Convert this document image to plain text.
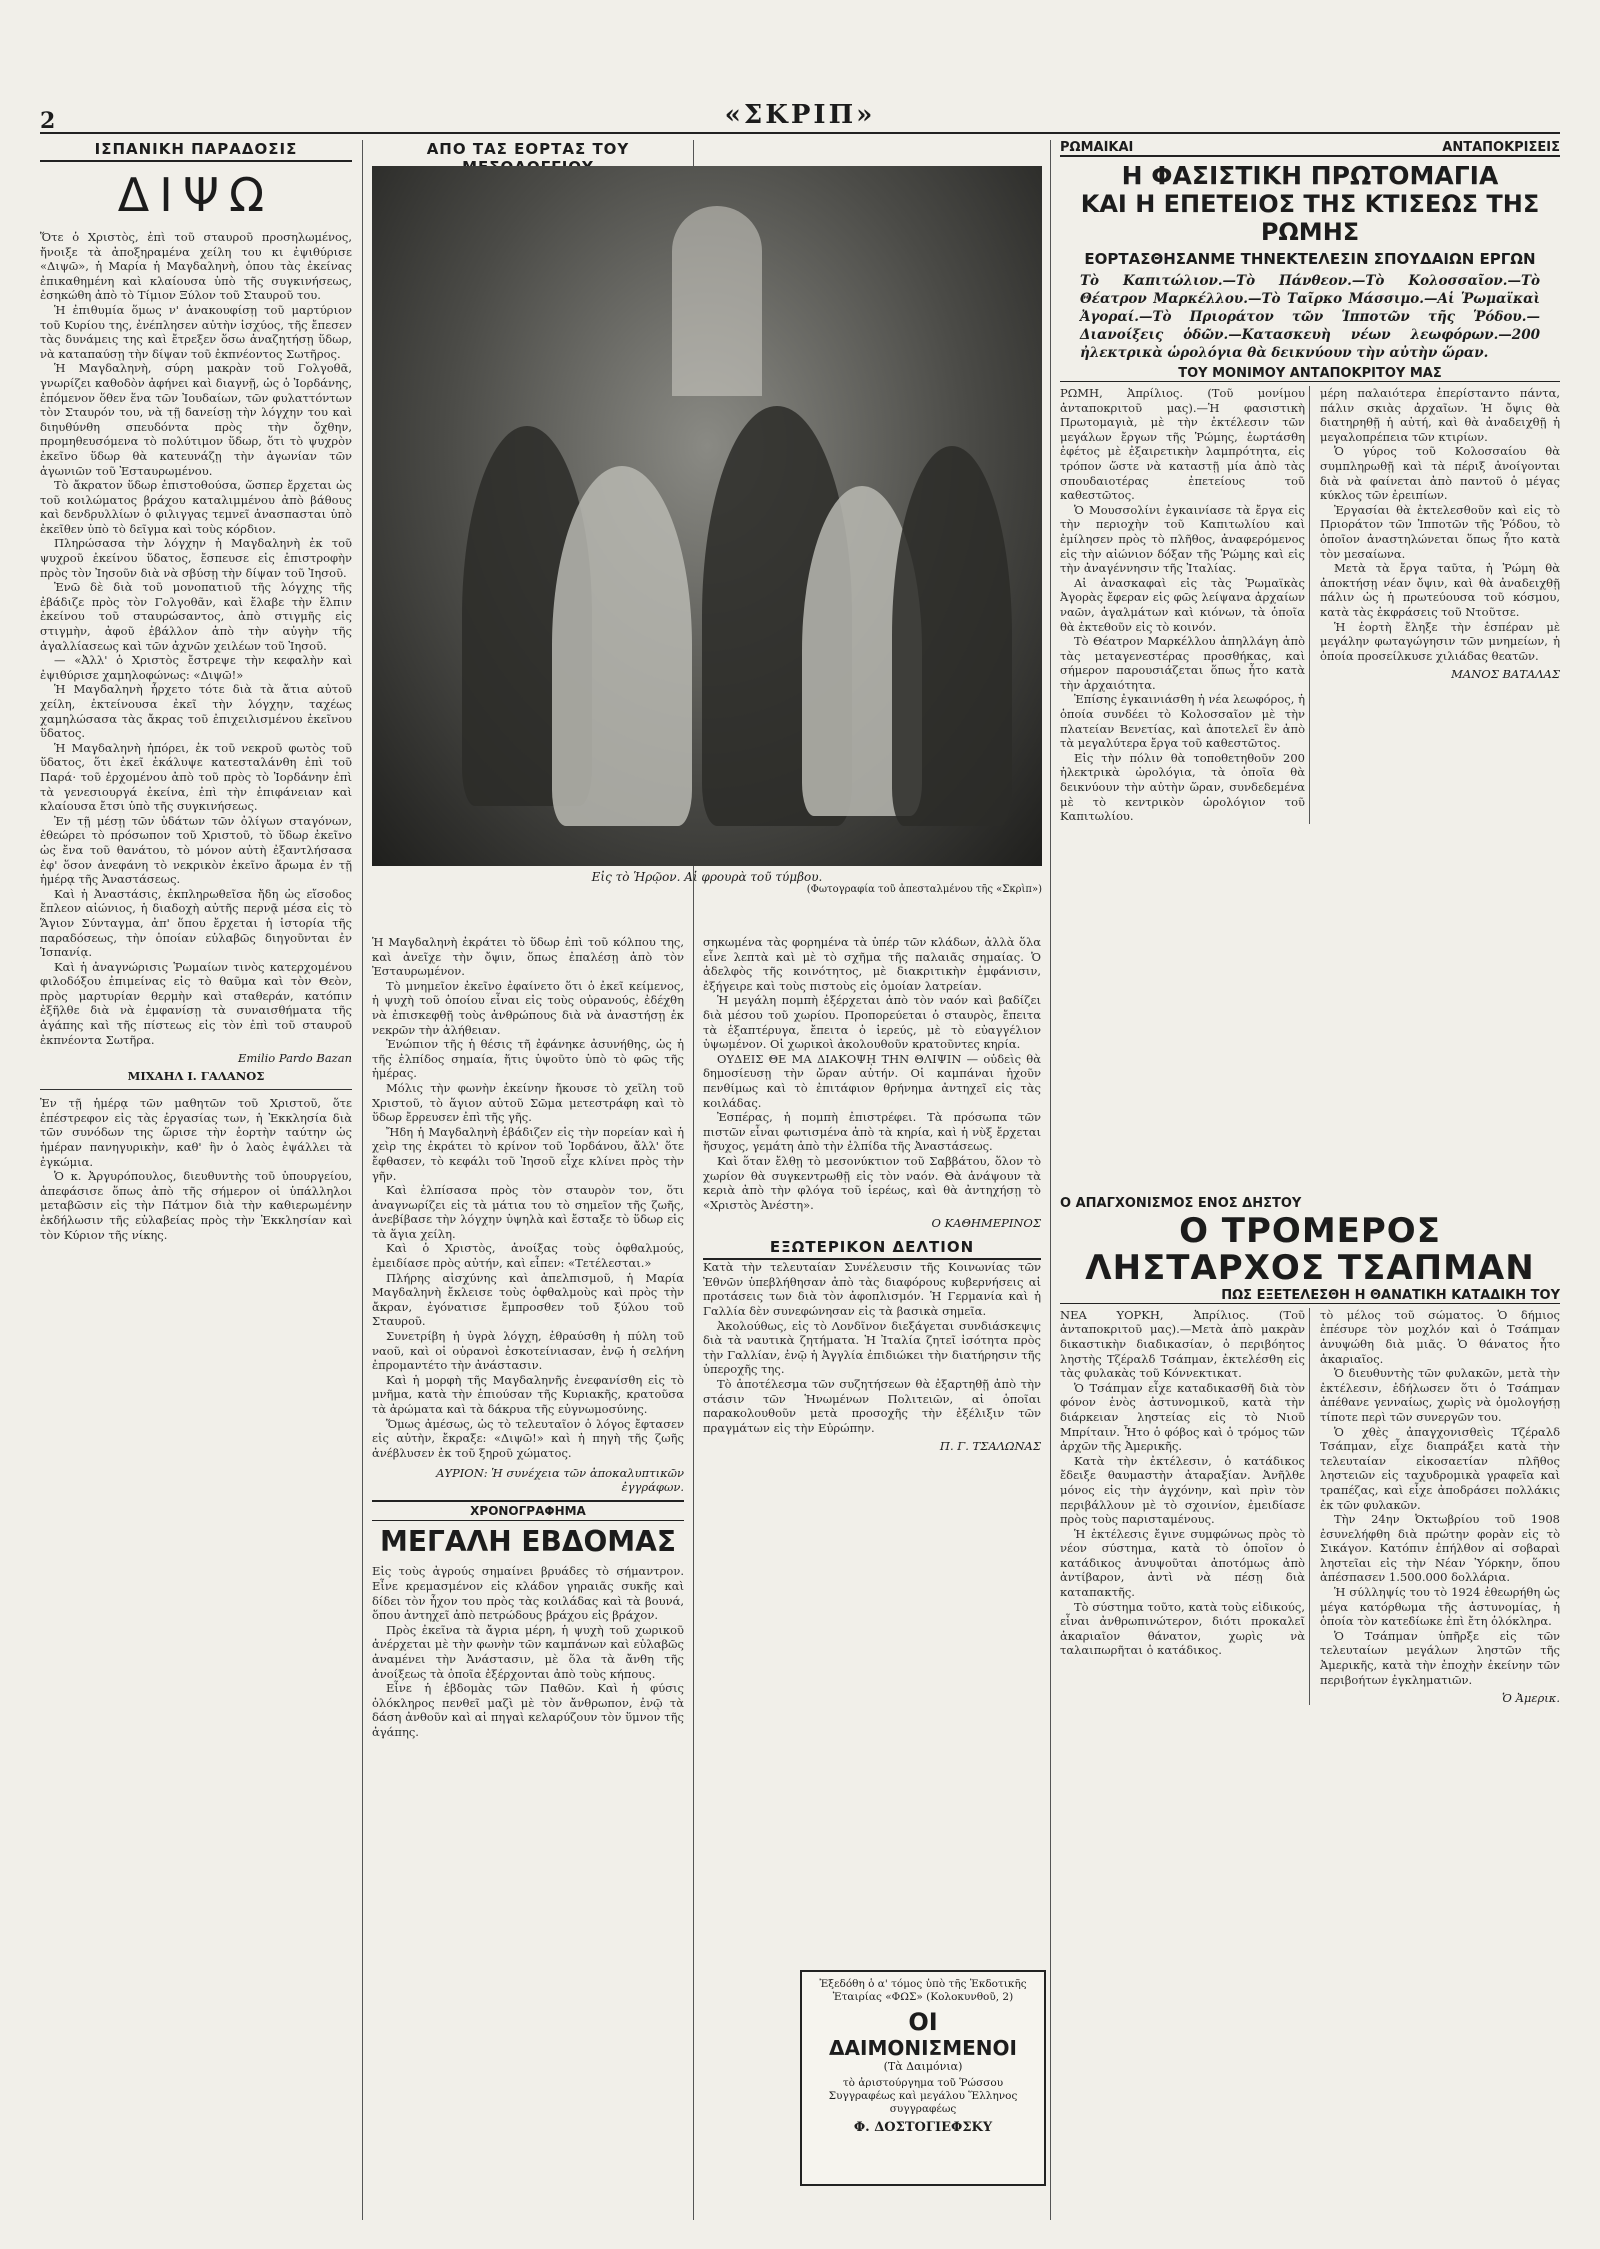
2	«ΣΚΡΙΠ»
ΙΣΠΑΝΙΚΗ ΠΑΡΑΔΟΣΙΣ
ΔΙΨΩ

Ὅτε ὁ Χριστὸς, ἐπὶ τοῦ σταυροῦ προσηλωμένος, ἤνοιξε τὰ ἀποξηραμένα χείλη του κι ἐψιθύρισε «Διψῶ», ἡ Μαρία ἡ Μαγδαληνὴ, ὁπου τὰς ἐκείνας ἐπικαθημένη καὶ κλαίουσα ὑπὸ τῆς συγκινήσεως, ἐσηκώθη ἀπὸ τὸ Τίμιον Ξύλον τοῦ Σταυροῦ του.

Ἡ ἐπιθυμία ὅμως ν' ἀνακουφίσῃ τοῦ μαρτύριον τοῦ Κυρίου της, ἐνέπλησεν αὐτὴν ἰσχύος, τῆς ἔπεσεν τὰς δυνάμεις της καὶ ἔτρεξεν ὅσω ἀναζητήσῃ ὕδωρ, νὰ καταπαύσῃ τὴν δίψαν τοῦ ἐκπνέοντος Σωτῆρος.

Ἡ Μαγδαληνὴ, σύρη μακρὰν τοῦ Γολγοθᾶ, γνωρίζει καθοδὸν ἀφήνει καὶ διαγνῇ, ὡς ὁ Ἰορδάνης, ἐπόμενον ὅθεν ἕνα τῶν Ἰουδαίων, τῶν φυλαττόντων τὸν Σταυρόν του, νὰ τῇ δανείσῃ τὴν λόγχην του καὶ διηυθύνθη σπευδόντα πρὸς τὴν ὄχθην, προμηθευσόμενα τὸ πολύτιμον ὕδωρ, ὅτι τὸ ψυχρὸν ἐκεῖνο ὕδωρ θὰ κατευνάζῃ τὴν ἀγωνίαν τῶν ἀγωνιῶν τοῦ Ἐσταυρωμένου.

Τὸ ἄκρατον ὕδωρ ἐπιστοθούσα, ὥσπερ ἔρχεται ὡς τοῦ κοιλώματος βράχου καταλιμμένου ἀπὸ βάθους καὶ δενδρυλλίων ὁ φιλιγγας τεμνεῖ ἀνασπασται ὑπὸ ἐκεῖθεν ὑπὸ τὸ δεῖγμα καὶ τοὺς κόρδιον.

Πληρώσασα τὴν λόγχην ἡ Μαγδαληνὴ ἐκ τοῦ ψυχροῦ ἐκείνου ὕδατος, ἔσπευσε εἰς ἐπιστροφὴν πρὸς τὸν Ἰησοῦν διὰ νὰ σβύσῃ τὴν δίψαν τοῦ Ἰησοῦ.

Ἐνῶ δὲ διὰ τοῦ μονοπατιοῦ τῆς λόγχης τῆς ἐβάδιζε πρὸς τὸν Γολγοθᾶν, καὶ ἔλαβε τὴν ἔλπιν ἐκείνου τοῦ σταυρώσαντος, ἀπὸ στιγμῆς εἰς στιγμὴν, ἀφοῦ ἐβάλλον ἀπὸ τὴν αὐγὴν τῆς ἀγαλλίασεως καὶ τῶν ἀχνῶν χειλέων τοῦ Ἰησοῦ.

— «Ἀλλ' ὁ Χριστὸς ἔστρεψε τὴν κεφαλὴν καὶ ἐψιθύρισε χαμηλοφώνως: «Διψῶ!»

Ἡ Μαγδαληνὴ ἦρχετο τότε διὰ τὰ ἄτια αὐτοῦ χείλη, ἐκτείνουσα ἐκεῖ τὴν λόγχην, ταχέως χαμηλώσασα τὰς ἄκρας τοῦ ἐπιχειλισμένου ἐκεῖνου ὕδατος.

Ἡ Μαγδαληνὴ ἠπόρει, ἐκ τοῦ νεκροῦ φωτὸς τοῦ ὕδατος, ὅτι ἐκεῖ ἐκάλυψε κατεσταλάνθη ἐπὶ τοῦ Παρά· τοῦ ἐρχομένου ἀπὸ τοῦ πρὸς τὸ Ἰορδάνην ἐπὶ τὰ γενεσιουργά ἐκείνα, ἐπὶ τὴν ἐπιφάνειαν καὶ κλαίουσα ἔτσι ὑπὸ τῆς συγκινήσεως.

Ἐν τῇ μέσῃ τῶν ὑδάτων τῶν ὀλίγων σταγόνων, ἐθεώρει τὸ πρόσωπον τοῦ Χριστοῦ, τὸ ὕδωρ ἐκεῖνο ὡς ἔνα τοῦ θανάτου, τὸ μόνον αὐτὴ ἐξαντλήσασα ἐφ' ὅσον ἀνεφάνη τὸ νεκρικὸν ἐκεῖνο ἄρωμα ἐν τῇ ἡμέρᾳ τῆς Ἀναστάσεως.

Καὶ ἡ Ἀναστάσις, ἐκπληρωθεῖσα ἤδη ὡς εἴσοδος ἔπλεον αἰώνιος, ἡ διαδοχὴ αὐτῆς περνᾷ μέσα εἰς τὸ Ἅγιον Σύνταγμα, ἀπ' ὅπου ἔρχεται ἡ ἱστορία τῆς παραδόσεως, τὴν ὁποίαν εὐλαβῶς διηγοῦνται ἐν Ἱσπανίᾳ.

Καὶ ἡ ἀναγνώρισις Ῥωμαίων τινὸς κατερχομένου φιλοδόξου ἐπιμείνας εἰς τὸ θαῦμα καὶ τὸν Θεὸν, πρὸς μαρτυρίαν θερμὴν καὶ σταθεράν, κατόπιν ἐξῆλθε διὰ νὰ ἐμφανίσῃ τὰ συναισθήματα τῆς ἀγάπης καὶ τῆς πίστεως εἰς τὸν ἐπὶ τοῦ σταυροῦ ἐκπνέοντα Σωτῆρα.

Emilio Pardo Bazan
ΜΙΧΑΗΛ Ι. ΓΑΛΑΝΟΣ

Ἐν τῇ ἡμέρᾳ τῶν μαθητῶν τοῦ Χριστοῦ, ὅτε ἐπέστρεφον εἰς τὰς ἐργασίας των, ἡ Ἐκκλησία διὰ τῶν συνόδων της ὥρισε τὴν ἑορτὴν ταύτην ὡς ἡμέραν πανηγυρικὴν, καθ' ἣν ὁ λαὸς ἐψάλλει τὰ ἐγκώμια.

Ὁ κ. Ἀργυρόπουλος, διευθυντὴς τοῦ ὑπουργείου, ἀπεφάσισε ὅπως ἀπὸ τῆς σήμερον οἱ ὑπάλληλοι μεταβῶσιν εἰς τὴν Πάτμον διὰ τὴν καθιερωμένην ἐκδήλωσιν τῆς εὐλαβείας πρὸς τὴν Ἐκκλησίαν καὶ τὸν Κύριον τῆς νίκης.

ΑΠΟ ΤΑΣ ΕΟΡΤΑΣ ΤΟΥ
Εἰς τὸ Ἡρῷον. Αἱ φρουρὰ τοῦ τύμβου.
(Φωτογραφία τοῦ ἀπεσταλμένου τῆς «Σκρὶπ»)

Ἡ Μαγδαληνὴ ἐκράτει τὸ ὕδωρ ἐπὶ τοῦ κόλπου της, καὶ ἀνεῖχε τὴν ὄψιν, ὅπως ἐπαλέσῃ ἀπὸ τὸν Ἐσταυρωμένον.

Τὸ μνημεῖον ἐκεῖνο ἐφαίνετο ὅτι ὁ ἐκεῖ κείμενος, ἡ ψυχὴ τοῦ ὁποίου εἶναι εἰς τοὺς οὐρανούς, ἐδέχθη νὰ ἐπισκεφθῇ τοὺς ἀνθρώπους διὰ νὰ ἀναστήσῃ ἐκ νεκρῶν τὴν ἀλήθειαν.

Ἐνώπιον τῆς ἡ θέσις τῆ ἐφάνηκε ἀσυνήθης, ὡς ἡ τῆς ἐλπίδος σημαία, ἥτις ὑψοῦτο ὑπὸ τὸ φῶς τῆς ἡμέρας.

Μόλις τὴν φωνὴν ἐκείνην ἤκουσε τὸ χεῖλη τοῦ Χριστοῦ, τὸ ἅγιον αὐτοῦ Σῶμα μετεστράφη καὶ τὸ ὕδωρ ἔρρευσεν ἐπὶ τῆς γῆς.

Ἤδη ἡ Μαγδαληνὴ ἐβάδιζεν εἰς τὴν πορείαν καὶ ἡ χεὶρ της ἐκράτει τὸ κρίνον τοῦ Ἰορδάνου, ἄλλ' ὅτε ἔφθασεν, τὸ κεφάλι τοῦ Ἰησοῦ εἶχε κλίνει πρὸς τὴν γῆν.

Καὶ ἐλπίσασα πρὸς τὸν σταυρὸν τον, ὅτι ἀναγνωρίζει εἰς τὰ μάτια του τὸ σημεῖον τῆς ζωῆς, ἀνεβίβασε τὴν λόγχην ὑψηλὰ καὶ ἔσταξε τὸ ὕδωρ εἰς τὰ ἅγια χείλη.

Καὶ ὁ Χριστὸς, ἀνοίξας τοὺς ὀφθαλμούς, ἐμειδίασε πρὸς αὐτήν, καὶ εἶπεν: «Τετέλεσται.»

Πλήρης αἰσχύνης καὶ ἀπελπισμοῦ, ἡ Μαρία Μαγδαληνὴ ἔκλεισε τοὺς ὀφθαλμοὺς καὶ πρὸς τὴν ἄκραν, ἐγόνατισε ἔμπροσθεν τοῦ ξύλου τοῦ Σταυροῦ.

Συνετρίβη ἡ ὑγρὰ λόγχη, ἐθραύσθη ἡ πύλη τοῦ ναοῦ, καὶ οἱ οὐρανοὶ ἐσκοτείνιασαν, ἐνῷ ἡ σελήνη ἐπρομαντέτο τὴν ἀνάστασιν.

Καὶ ἡ μορφὴ τῆς Μαγδαληνῆς ἐνεφανίσθη εἰς τὸ μνῆμα, κατὰ τὴν ἐπιούσαν τῆς Κυριακῆς, κρατοῦσα τὰ ἀρώματα καὶ τὰ δάκρυα τῆς εὐγνωμοσύνης.

Ὅμως ἀμέσως, ὡς τὸ τελευταῖον ὁ λόγος ἔφτασεν εἰς αὐτὴν, ἔκραξε: «Διψῶ!» καὶ ἡ πηγὴ τῆς ζωῆς ἀνέβλυσεν ἐκ τοῦ ξηροῦ χώματος.

ΑΥΡΙΟΝ: Ἡ συνέχεια τῶν ἀποκαλυπτικῶν ἐγγράφων.
ΧΡΟΝΟΓΡΑΦΗΜΑ
ΜΕΓΑΛΗ ΕΒΔΟΜΑΣ

Εἰς τοὺς ἀγρούς σημαίνει βρυάδες τὸ σήμαντρον. Εἶνε κρεμασμένον εἰς κλάδον γηραιᾶς συκῆς καὶ δίδει τὸν ἦχον του πρὸς τὰς κοιλάδας καὶ τὰ βουνά, ὅπου ἀντηχεῖ ἀπὸ πετρώδους βράχου εἰς βράχον.

Πρὸς ἐκεῖνα τὰ ἄγρια μέρη, ἡ ψυχὴ τοῦ χωρικοῦ ἀνέρχεται μὲ τὴν φωνὴν τῶν καμπάνων καὶ εὐλαβῶς ἀναμένει τὴν Ἀνάστασιν, μὲ ὅλα τὰ ἄνθη τῆς ἀνοίξεως τὰ ὁποῖα ἐξέρχονται ἀπὸ τοὺς κήπους.

Εἶνε ἡ ἑβδομὰς τῶν Παθῶν. Καὶ ἡ φύσις ὁλόκληρος πενθεῖ μαζὶ μὲ τὸν ἄνθρωπον, ἐνῷ τὰ δάση ἀνθοῦν καὶ αἱ πηγαὶ κελαρύζουν τὸν ὕμνον τῆς ἀγάπης.

σηκωμένα τὰς φορημένα τὰ ὑπέρ τῶν κλάδων, ἀλλὰ ὅλα εἶνε λεπτὰ καὶ μὲ τὸ σχῆμα τῆς παλαιᾶς σημαίας. Ὁ ἀδελφὸς τῆς κοινότητος, μὲ διακριτικὴν ἐμφάνισιν, ἐξήγειρε καὶ τοὺς πιστοὺς εἰς ὁμοίαν λατρείαν.

Ἡ μεγάλη πομπὴ ἐξέρχεται ἀπὸ τὸν ναόν καὶ βαδίζει διὰ μέσου τοῦ χωρίου. Προπορεύεται ὁ σταυρὸς, ἔπειτα τὰ ἑξαπτέρυγα, ἔπειτα ὁ ἱερεύς, μὲ τὸ εὐαγγέλιον ὑψωμένον. Οἱ χωρικοὶ ἀκολουθοῦν κρατοῦντες κηρία.

ΟΥΔΕΙΣ ΘΕ ΜΑ ΔΙΑΚΟΨῌ ΤΗΝ ΘΛΙΨΙΝ — οὐδεὶς θὰ δημοσίευσῃ τὴν ὥραν αὐτήν. Οἱ καμπάναι ἠχοῦν πενθίμως καὶ τὸ ἐπιτάφιον θρήνημα ἀντηχεῖ εἰς τὰς κοιλάδας.

Ἐσπέρας, ἡ πομπὴ ἐπιστρέφει. Τὰ πρόσωπα τῶν πιστῶν εἶναι φωτισμένα ἀπὸ τὰ κηρία, καὶ ἡ νὺξ ἔρχεται ἥσυχος, γεμάτη ἀπὸ τὴν ἐλπίδα τῆς Ἀναστάσεως.

Καὶ ὅταν ἔλθῃ τὸ μεσονύκτιον τοῦ Σαββάτου, ὅλον τὸ χωρίον θὰ συγκεντρωθῇ εἰς τὸν ναόν. Θὰ ἀνάψουν τὰ κεριὰ ἀπὸ τὴν φλόγα τοῦ ἱερέως, καὶ θὰ ἀντηχήσῃ τὸ «Χριστὸς Ἀνέστη».

Ο ΚΑΘΗΜΕΡΙΝΟΣ
ΕΞΩΤΕΡΙΚΟΝ ΔΕΛΤΙΟΝ

Κατὰ τὴν τελευταίαν Συνέλευσιν τῆς Κοινωνίας τῶν Ἐθνῶν ὑπεβλήθησαν ἀπὸ τὰς διαφόρους κυβερνήσεις αἱ προτάσεις των διὰ τὸν ἀφοπλισμόν. Ἡ Γερμανία καὶ ἡ Γαλλία δὲν συνεφώνησαν εἰς τὰ βασικὰ σημεῖα.

Ἀκολούθως, εἰς τὸ Λονδῖνον διεξάγεται συνδιάσκεψις διὰ τὰ ναυτικὰ ζητήματα. Ἡ Ἰταλία ζητεῖ ἰσότητα πρὸς τὴν Γαλλίαν, ἐνῷ ἡ Ἀγγλία ἐπιδιώκει τὴν διατήρησιν τῆς ὑπεροχῆς της.

Τὸ ἀποτέλεσμα τῶν συζητήσεων θὰ ἐξαρτηθῇ ἀπὸ τὴν στάσιν τῶν Ἡνωμένων Πολιτειῶν, αἱ ὁποῖαι παρακολουθοῦν μετὰ προσοχῆς τὴν ἐξέλιξιν τῶν πραγμάτων εἰς τὴν Εὐρώπην.

Π. Γ. ΤΣΑΛΩΝΑΣ
Ἐξεδόθη ὁ α' τόμος ὑπὸ τῆς Ἐκδοτικῆς Ἑταιρίας «ΦΩΣ» (Κολοκυνθοῦ, 2)
ΟΙ
ΔΑΙΜΟΝΙΣΜΕΝΟΙ
(Τὰ Δαιμόνια)
τὸ ἀριστούργημα τοῦ Ῥώσσου Συγγραφέως καὶ μεγάλου Ἕλληνος συγγραφέως
Φ. ΔΟΣΤΟΓΙΕΦΣΚΥ
ΡΩΜΑΪΚΑΙ	ΑΝΤΑΠΟΚΡΙΣΕΙΣ
Η ΦΑΣΙΣΤΙΚΗ ΠΡΩΤΟΜΑΓΙΑ
ΚΑΙ Η ΕΠΕΤΕΙΟΣ ΤΗΣ ΚΤΙΣΕΩΣ ΤΗΣ ΡΩΜΗΣ
ΕΟΡΤΑΣΘΗΣΑΝΜΕ ΤΗΝΕΚΤΕΛΕΣΙΝ ΣΠΟΥΔΑΙΩΝ ΕΡΓΩΝ
Τὸ Καπιτώλιον.—Τὸ Πάνθεον.—Τὸ Κολοσσαῖον.—Τὸ Θέατρον Μαρκέλλου.—Τὸ Ταῖρκο Μάσσιμο.—Αἱ Ῥωμαϊκαὶ Ἀγοραί.—Τὸ Πριοράτον τῶν Ἱπποτῶν τῆς Ῥόδου.—Διανοίξεις ὁδῶν.—Κατασκευὴ νέων λεωφόρων.—200 ἠλεκτρικὰ ὡρολόγια θὰ δεικνύουν τὴν αὐτὴν ὥραν.
ΤΟΥ ΜΟΝΙΜΟΥ ΑΝΤΑΠΟΚΡΙΤΟΥ ΜΑΣ

ΡΩΜΗ, Ἀπρίλιος. (Τοῦ μονίμου ἀνταποκριτοῦ μας).—Ἡ φασιστικὴ Πρωτομαγιὰ, μὲ τὴν ἐκτέλεσιν τῶν μεγάλων ἔργων τῆς Ῥώμης, ἑωρτάσθη ἐφέτος μὲ ἐξαιρετικὴν λαμπρότητα, εἰς τρόπον ὥστε νὰ καταστῇ μία ἀπὸ τὰς σπουδαιοτέρας ἐπετείους τοῦ καθεστῶτος.

Ὁ Μουσσολίνι ἐγκαινίασε τὰ ἔργα εἰς τὴν περιοχὴν τοῦ Καπιτωλίου καὶ ἐμίλησεν πρὸς τὸ πλῆθος, ἀναφερόμενος εἰς τὴν αἰώνιον δόξαν τῆς Ῥώμης καὶ εἰς τὴν ἀναγέννησιν τῆς Ἰταλίας.

Αἱ ἀνασκαφαὶ εἰς τὰς Ῥωμαϊκὰς Ἀγορὰς ἔφεραν εἰς φῶς λείψανα ἀρχαίων ναῶν, ἀγαλμάτων καὶ κιόνων, τὰ ὁποῖα θὰ ἐκτεθοῦν εἰς τὸ κοινόν.

Τὸ Θέατρον Μαρκέλλου ἀπηλλάγη ἀπὸ τὰς μεταγενεστέρας προσθήκας, καὶ σήμερον παρουσιάζεται ὅπως ἦτο κατὰ τὴν ἀρχαιότητα.

Ἐπίσης ἐγκαινιάσθη ἡ νέα λεωφόρος, ἡ ὁποία συνδέει τὸ Κολοσσαῖον μὲ τὴν πλατείαν Βενετίας, καὶ ἀποτελεῖ ἓν ἀπὸ τὰ μεγαλύτερα ἔργα τοῦ καθεστῶτος.

Εἰς τὴν πόλιν θὰ τοποθετηθοῦν 200 ἠλεκτρικὰ ὡρολόγια, τὰ ὁποῖα θὰ δεικνύουν τὴν αὐτὴν ὥραν, συνδεδεμένα μὲ τὸ κεντρικὸν ὡρολόγιον τοῦ Καπιτωλίου.

μέρη παλαιότερα ἐπερίσταντο πάντα, πάλιν σκιὰς ἀρχαῖων. Ἡ ὄψις θὰ διατηρηθῇ ἡ αὐτή, καὶ θὰ ἀναδειχθῇ ἡ μεγαλοπρέπεια τῶν κτιρίων.

Ὁ γύρος τοῦ Κολοσσαίου θὰ συμπληρωθῇ καὶ τὰ πέριξ ἀνοίγονται διὰ νὰ φαίνεται ἀπὸ παντοῦ ὁ μέγας κύκλος τῶν ἐρειπίων.

Ἐργασίαι θὰ ἐκτελεσθοῦν καὶ εἰς τὸ Πριοράτον τῶν Ἱπποτῶν τῆς Ῥόδου, τὸ ὁποῖον ἀναστηλώνεται ὅπως ἦτο κατὰ τὸν μεσαίωνα.

Μετὰ τὰ ἔργα ταῦτα, ἡ Ῥώμη θὰ ἀποκτήσῃ νέαν ὄψιν, καὶ θὰ ἀναδειχθῇ πάλιν ὡς ἡ πρωτεύουσα τοῦ κόσμου, κατὰ τὰς ἐκφράσεις τοῦ Ντοῦτσε.

Ἡ ἑορτὴ ἔληξε τὴν ἑσπέραν μὲ μεγάλην φωταγώγησιν τῶν μνημείων, ἡ ὁποία προσείλκυσε χιλιάδας θεατῶν.

ΜΑΝΟΣ ΒΑΤΑΛΑΣ
Ο ΑΠΑΓΧΟΝΙΣΜΟΣ ΕΝΟΣ ΔΗΣΤΟΥ
Ο ΤΡΟΜΕΡΟΣ ΛΗΣΤΑΡΧΟΣ ΤΣΑΠΜΑΝ
ΠΩΣ ΕΞΕΤΕΛΕΣΘΗ Η ΘΑΝΑΤΙΚΗ ΚΑΤΑΔΙΚΗ ΤΟΥ

ΝΕΑ ΥΟΡΚΗ, Ἀπρίλιος. (Τοῦ ἀνταποκριτοῦ μας).—Μετὰ ἀπὸ μακρὰν δικαστικὴν διαδικασίαν, ὁ περιβόητος ληστὴς Τζέραλδ Τσάπμαν, ἐκτελέσθη εἰς τὰς φυλακὰς τοῦ Κόννεκτικατ.

Ὁ Τσάπμαν εἶχε καταδικασθῆ διὰ τὸν φόνον ἑνὸς ἀστυνομικοῦ, κατὰ τὴν διάρκειαν ληστείας εἰς τὸ Νιοῦ Μπρίταιν. Ἦτο ὁ φόβος καὶ ὁ τρόμος τῶν ἀρχῶν τῆς Ἀμερικῆς.

Κατὰ τὴν ἐκτέλεσιν, ὁ κατάδικος ἔδειξε θαυμαστὴν ἀταραξίαν. Ἀνῆλθε μόνος εἰς τὴν ἀγχόνην, καὶ πρὶν τὸν περιβάλλουν μὲ τὸ σχοινίον, ἐμειδίασε πρὸς τοὺς παρισταμένους.

Ἡ ἐκτέλεσις ἔγινε συμφώνως πρὸς τὸ νέον σύστημα, κατὰ τὸ ὁποῖον ὁ κατάδικος ἀνυψοῦται ἀποτόμως ἀπὸ ἀντίβαρον, ἀντὶ νὰ πέσῃ διὰ καταπακτῆς.

Τὸ σύστημα τοῦτο, κατὰ τοὺς εἰδικούς, εἶναι ἀνθρωπινώτερον, διότι προκαλεῖ ἀκαριαῖον θάνατον, χωρὶς νὰ ταλαιπωρῆται ὁ κατάδικος.

τὸ μέλος τοῦ σώματος. Ὁ δήμιος ἐπέσυρε τὸν μοχλόν καὶ ὁ Τσάπμαν ἀνυψώθη διὰ μιᾶς. Ὁ θάνατος ἦτο ἀκαριαῖος.

Ὁ διευθυντὴς τῶν φυλακῶν, μετὰ τὴν ἐκτέλεσιν, ἐδήλωσεν ὅτι ὁ Τσάπμαν ἀπέθανε γενναίως, χωρὶς νὰ ὁμολογήσῃ τίποτε περὶ τῶν συνεργῶν του.

Ὁ χθὲς ἀπαγχονισθεὶς Τζέραλδ Τσάπμαν, εἶχε διαπράξει κατὰ τὴν τελευταίαν εἰκοσαετίαν πλῆθος ληστειῶν εἰς ταχυδρομικὰ γραφεῖα καὶ τραπέζας, καὶ εἶχε ἀποδράσει πολλάκις ἐκ τῶν φυλακῶν.

Τὴν 24ην Ὀκτωβρίου τοῦ 1908 ἐσυνελήφθη διὰ πρώτην φορὰν εἰς τὸ Σικάγον. Κατόπιν ἐπήλθον αἱ σοβαραὶ ληστεῖαι εἰς τὴν Νέαν Ὑόρκην, ὅπου ἀπέσπασεν 1.500.000 δολλάρια.

Ἡ σύλληψίς του τὸ 1924 ἐθεωρήθη ὡς μέγα κατόρθωμα τῆς ἀστυνομίας, ἡ ὁποία τὸν κατεδίωκε ἐπὶ ἔτη ὁλόκληρα.

Ὁ Τσάπμαν ὑπῆρξε εἰς τῶν τελευταίων μεγάλων ληστῶν τῆς Ἀμερικῆς, κατὰ τὴν ἐποχὴν ἐκείνην τῶν περιβοήτων ἐγκληματιῶν.

Ὁ Ἀμερικ.
